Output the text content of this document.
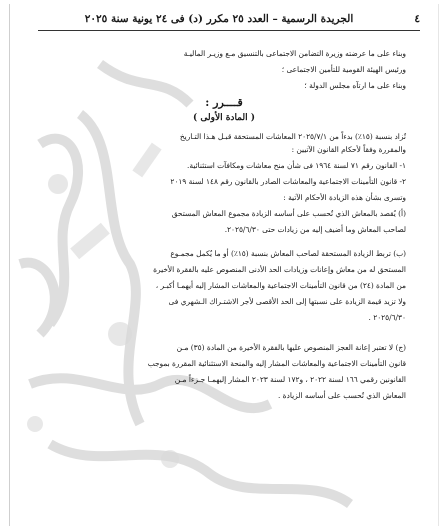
٤
الجريدة الرسمية – العدد ٢٥ مكرر (د) فى ٢٤ يونية سنة ٢٠٢٥
وبناء على ما عرضته وزيرة التضامن الاجتماعى بالتنسيق مـع وزيـر الماليـة
ورئيس الهيئة القومية للتأمين الاجتماعى ؛
وبناء على ما ارتآه مجلس الدولة ؛
قــــرر :
( المادة الأولى )
تُزاد بنسبة (١٥٪) بدءاً من ٢٠٢٥/٧/١ المعاشات المستحقة قبـل هـذا التـاريخ
والمقررة وفقاً لأحكام القانون الآتيين :
١- القانون رقم ٧١ لسنة ١٩٦٤ فى شأن منح معاشات ومكافآت استثنائية.
٢- قانون التأمينات الاجتماعية والمعاشات الصادر بالقانون رقم ١٤٨ لسنة ٢٠١٩
وتسرى بشأن هذه الزيادة الأحكام الآتية :
(أ) يُقصد بالمعاش الذي تُحسب على أساسه الزيادة مجموع المعاش المستحق
لصاحب المعاش وما أضيف إليه من زيادات حتى ٢٠٢٥/٦/٣٠.
(ب) تربط الزيادة المستحقة لصاحب المعاش بنسبة (١٥٪) أو ما يُكمل مجمـوع
المستحق له من معاش وإعانات وزيادات الحد الأدنى المنصوص عليه بالفقرة الأخيرة
من المادة (٢٤) من قانون التأمينات الاجتماعية والمعاشات المشار إليه أيهمـا أكبـر ،
ولا تزيد قيمة الزيادة على نسبتها إلى الحد الأقصى لأجر الاشتـراك الـشهري فى
٢٠٢٥/٦/٣٠ .
(ج) لا تعتبر إعانة العجز المنصوص عليها بالفقرة الأخيرة من المادة (٣٥) مـن
قانون التأمينات الاجتماعية والمعاشات المشار إليه والمنحة الاستثنائية المقررة بموجب
القانونين رقمي ١٦٦ لسنة ٢٠٢٢ ، و١٧٢ لسنة ٢٠٢٣ المشار إليهمـا جـزءاً مـن
المعاش الذي تُحسب على أساسه الزيادة .
